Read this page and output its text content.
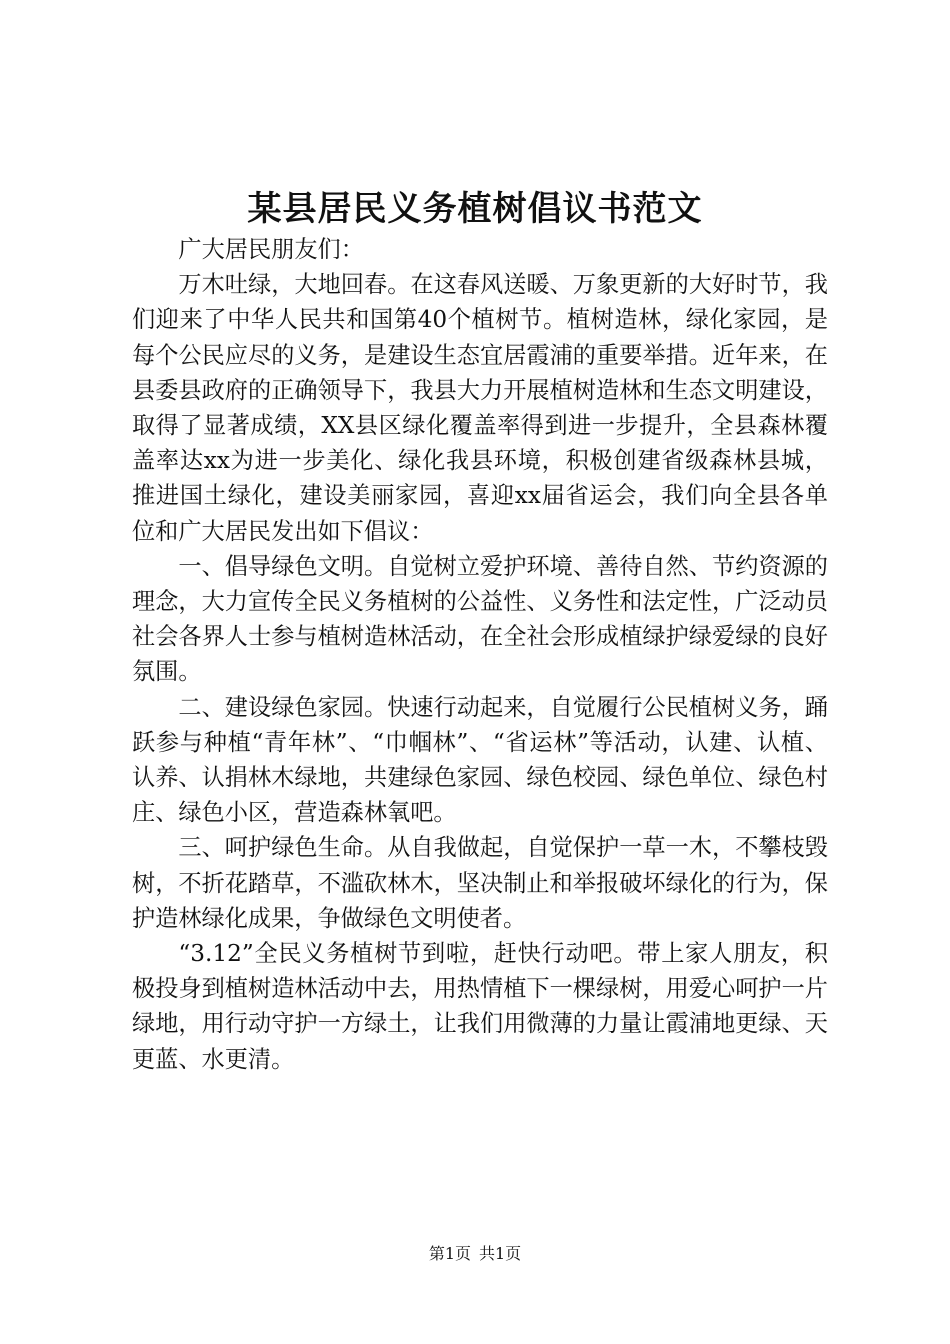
某县居民义务植树倡议书范文

广大居民朋友们：

万木吐绿，大地回春。在这春风送暖、万象更新的大好时节，我们迎来了中华人民共和国第40个植树节。植树造林，绿化家园，是每个公民应尽的义务，是建设生态宜居霞浦的重要举措。近年来，在县委县政府的正确领导下，我县大力开展植树造林和生态文明建设，取得了显著成绩，XX县区绿化覆盖率得到进一步提升，全县森林覆盖率达xx为进一步美化、绿化我县环境，积极创建省级森林县城，推进国土绿化，建设美丽家园，喜迎xx届省运会，我们向全县各单位和广大居民发出如下倡议：

一、倡导绿色文明。自觉树立爱护环境、善待自然、节约资源的理念，大力宣传全民义务植树的公益性、义务性和法定性，广泛动员社会各界人士参与植树造林活动，在全社会形成植绿护绿爱绿的良好氛围。

二、建设绿色家园。快速行动起来，自觉履行公民植树义务，踊跃参与种植“青年林”、“巾帼林”、“省运林”等活动，认建、认植、认养、认捐林木绿地，共建绿色家园、绿色校园、绿色单位、绿色村庄、绿色小区，营造森林氧吧。

三、呵护绿色生命。从自我做起，自觉保护一草一木，不攀枝毁树，不折花踏草，不滥砍林木，坚决制止和举报破坏绿化的行为，保护造林绿化成果，争做绿色文明使者。

“3.12”全民义务植树节到啦，赶快行动吧。带上家人朋友，积极投身到植树造林活动中去，用热情植下一棵绿树，用爱心呵护一片绿地，用行动守护一方绿土，让我们用微薄的力量让霞浦地更绿、天更蓝、水更清。

第1页 共1页
